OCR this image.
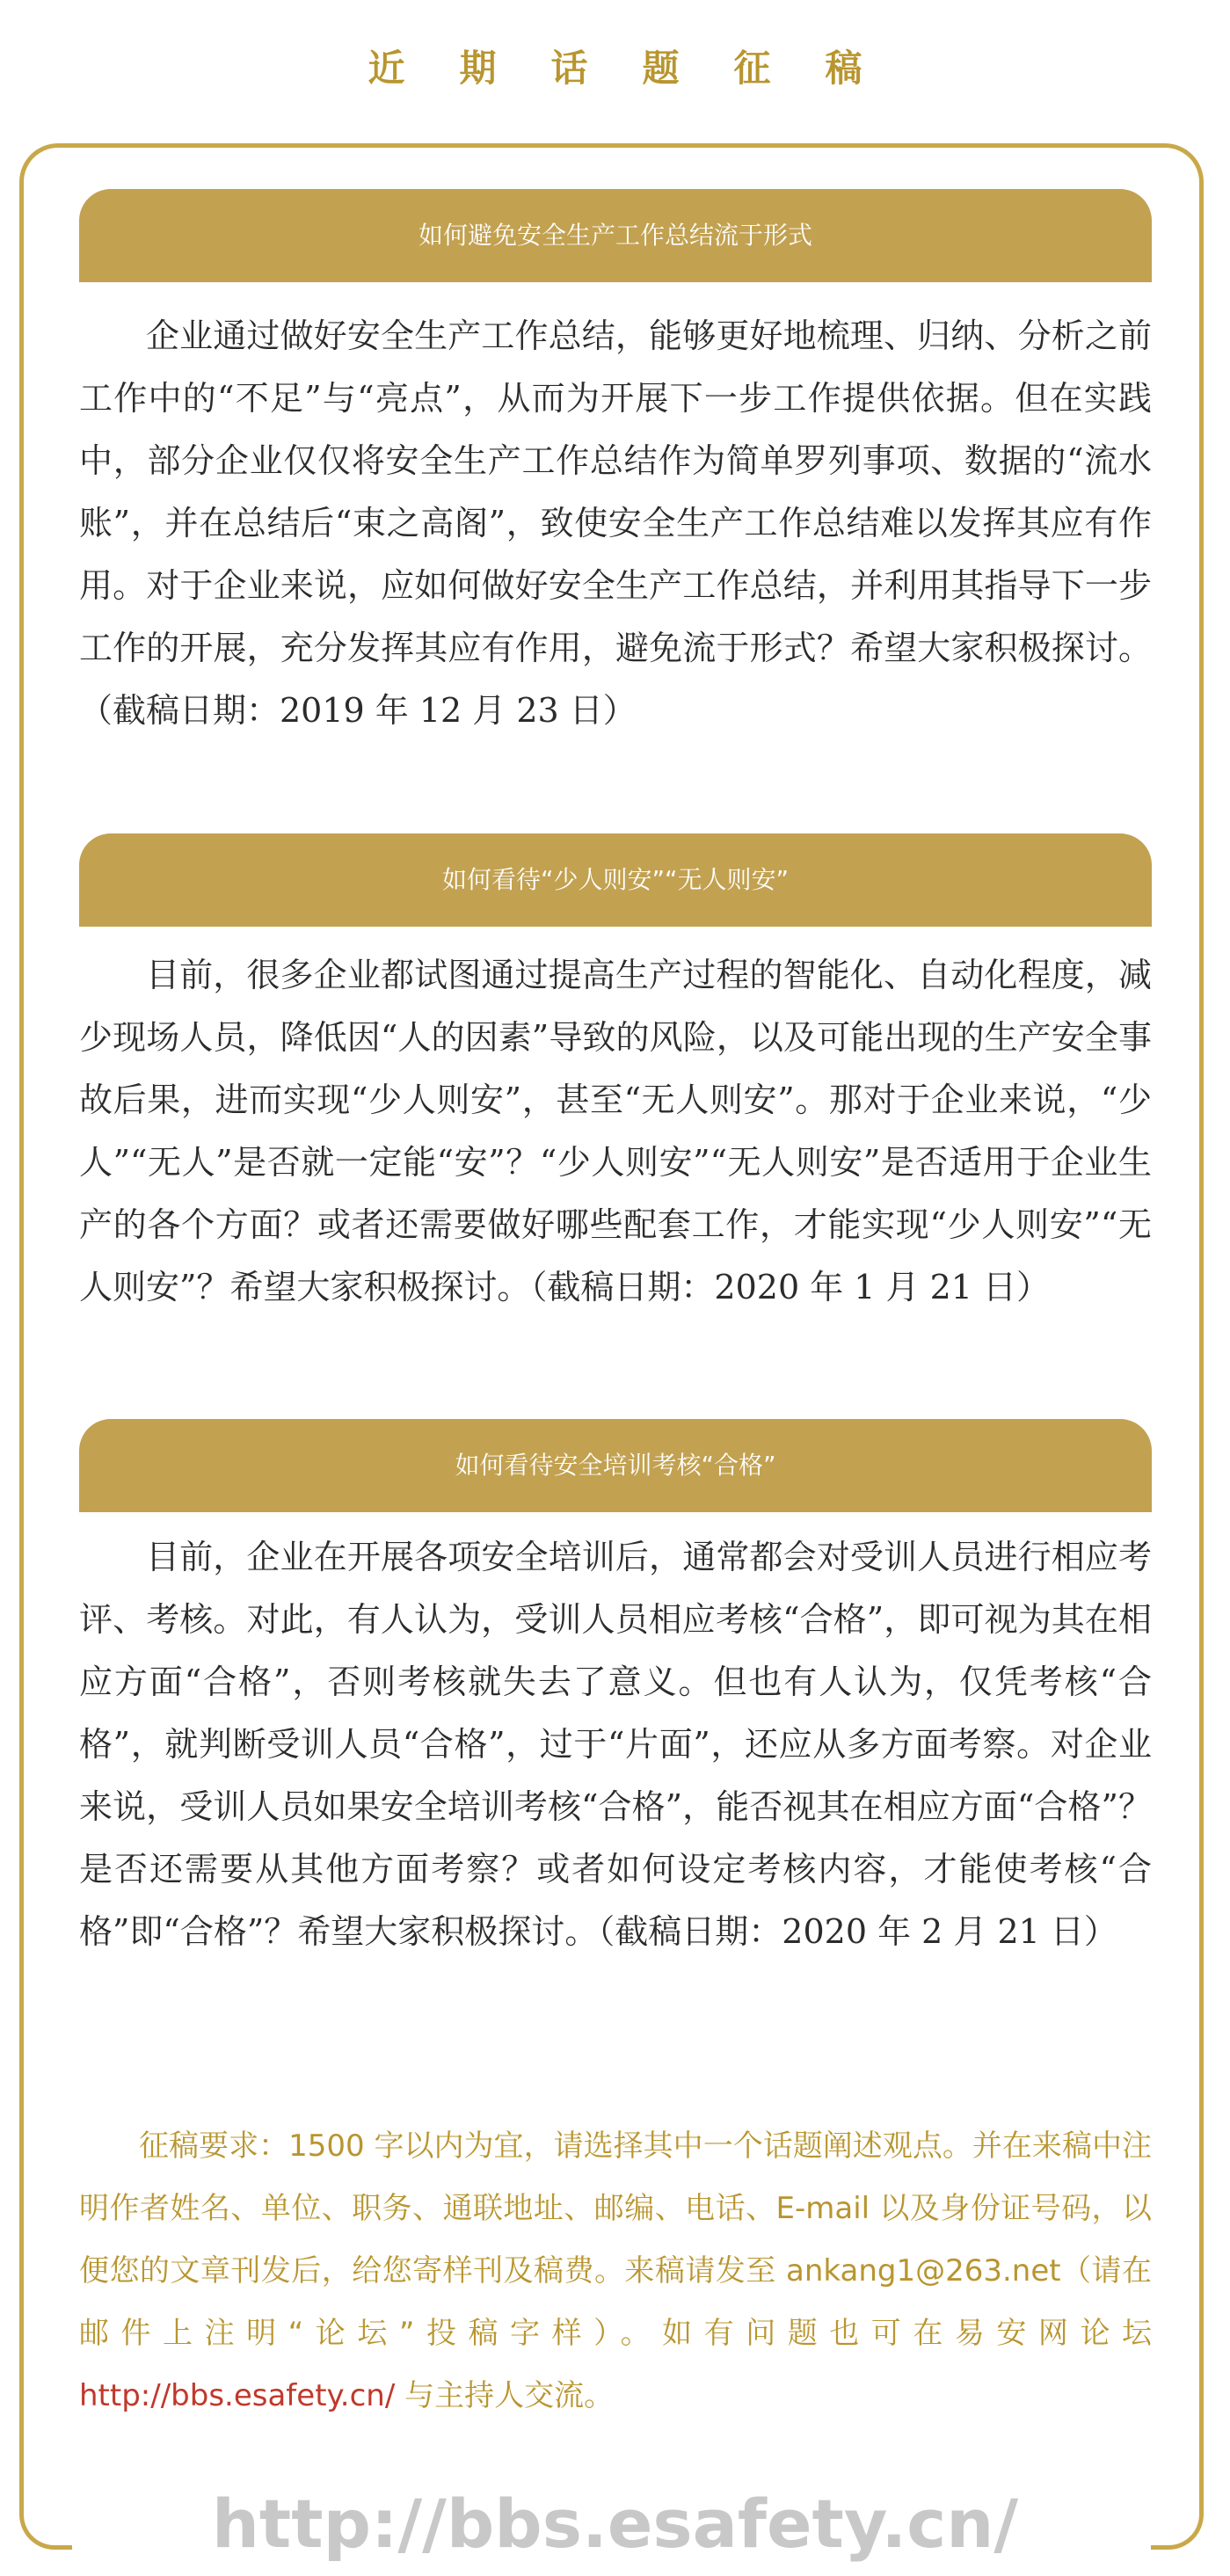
近期话题征稿
如何避免安全生产工作总结流于形式

企业通过做好安全生产工作总结，能够更好地梳理、归纳、分析之前工作中的“不足”与“亮点”，从而为开展下一步工作提供依据。但在实践中，部分企业仅仅将安全生产工作总结作为简单罗列事项、数据的“流水账”，并在总结后“束之高阁”，致使安全生产工作总结难以发挥其应有作用。对于企业来说，应如何做好安全生产工作总结，并利用其指导下一步工作的开展，充分发挥其应有作用，避免流于形式？希望大家积极探讨。（截稿日期：2019 年 12 月 23 日）

如何看待“少人则安”“无人则安”

目前，很多企业都试图通过提高生产过程的智能化、自动化程度，减少现场人员，降低因“人的因素”导致的风险，以及可能出现的生产安全事故后果，进而实现“少人则安”，甚至“无人则安”。那对于企业来说，“少人”“无人”是否就一定能“安”？“少人则安”“无人则安”是否适用于企业生产的各个方面？或者还需要做好哪些配套工作，才能实现“少人则安”“无人则安”？希望大家积极探讨。（截稿日期：2020 年 1 月 21 日）

如何看待安全培训考核“合格”

目前，企业在开展各项安全培训后，通常都会对受训人员进行相应考评、考核。对此，有人认为，受训人员相应考核“合格”，即可视为其在相应方面“合格”，否则考核就失去了意义。但也有人认为，仅凭考核“合格”，就判断受训人员“合格”，过于“片面”，还应从多方面考察。对企业来说，受训人员如果安全培训考核“合格”，能否视其在相应方面“合格”？是否还需要从其他方面考察？或者如何设定考核内容，才能使考核“合格”即“合格”？希望大家积极探讨。（截稿日期：2020 年 2 月 21 日）

征稿要求：1500 字以内为宜，请选择其中一个话题阐述观点。并在来稿中注明作者姓名、单位、职务、通联地址、邮编、电话、E-mail 以及身份证号码，以便您的文章刊发后，给您寄样刊及稿费。来稿请发至 ankang1@263.net（请在邮件上注明“论坛”投稿字样）。如有问题也可在易安网论坛 http://bbs.esafety.cn/ 与主持人交流。

http://bbs.esafety.cn/
